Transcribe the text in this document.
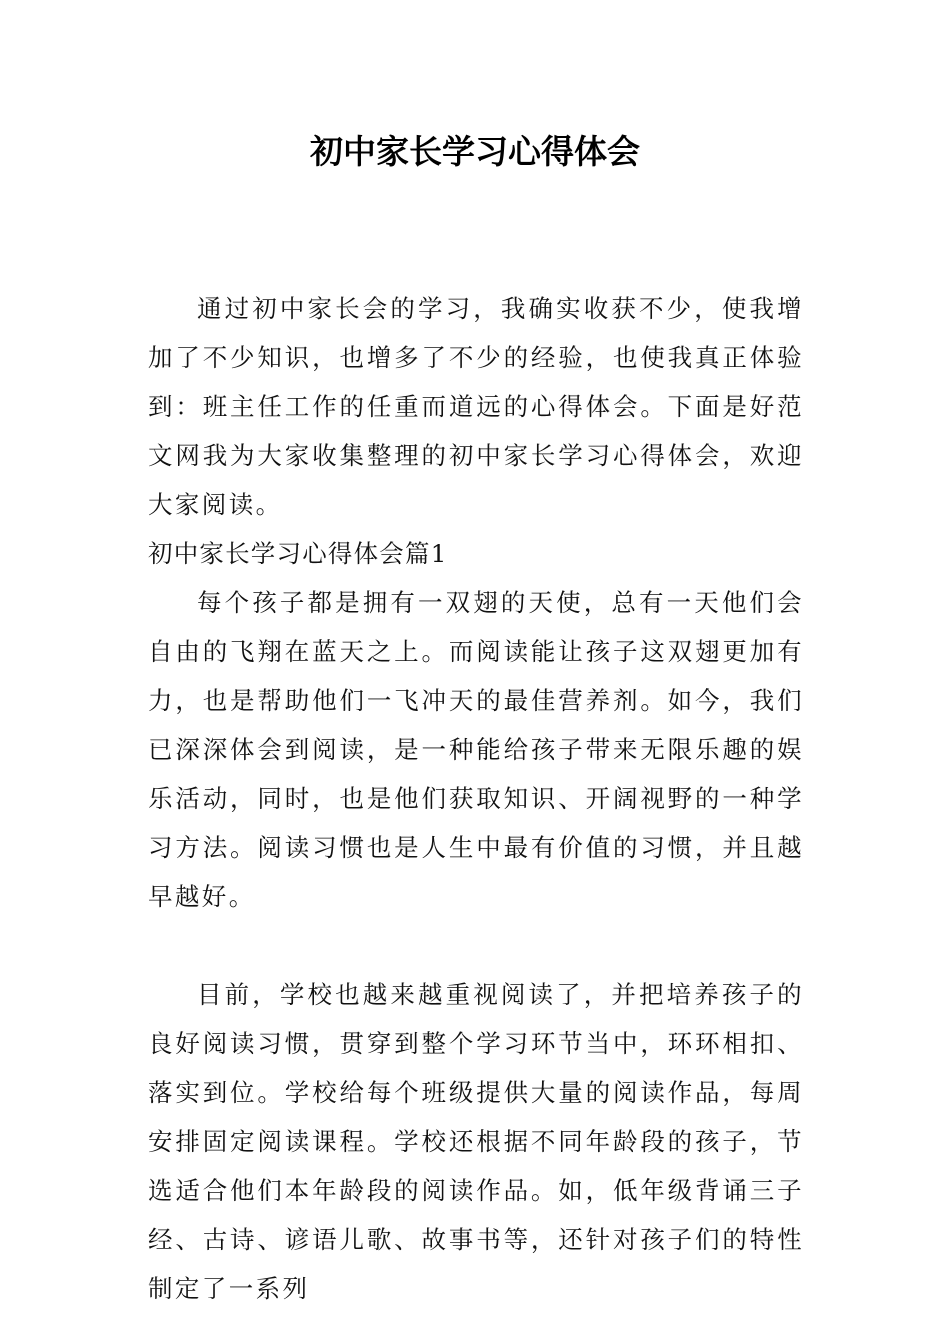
初中家长学习心得体会

通过初中家长会的学习，我确实收获不少，使我增加了不少知识，也增多了不少的经验，也使我真正体验到：班主任工作的任重而道远的心得体会。下面是好范文网我为大家收集整理的初中家长学习心得体会，欢迎大家阅读。

初中家长学习心得体会篇1

每个孩子都是拥有一双翅的天使，总有一天他们会自由的飞翔在蓝天之上。而阅读能让孩子这双翅更加有力，也是帮助他们一飞冲天的最佳营养剂。如今，我们已深深体会到阅读，是一种能给孩子带来无限乐趣的娱乐活动，同时，也是他们获取知识、开阔视野的一种学习方法。阅读习惯也是人生中最有价值的习惯，并且越早越好。

目前，学校也越来越重视阅读了，并把培养孩子的良好阅读习惯，贯穿到整个学习环节当中，环环相扣、落实到位。学校给每个班级提供大量的阅读作品，每周安排固定阅读课程。学校还根据不同年龄段的孩子，节选适合他们本年龄段的阅读作品。如，低年级背诵三子经、古诗、谚语儿歌、故事书等，还针对孩子们的特性制定了一系列
